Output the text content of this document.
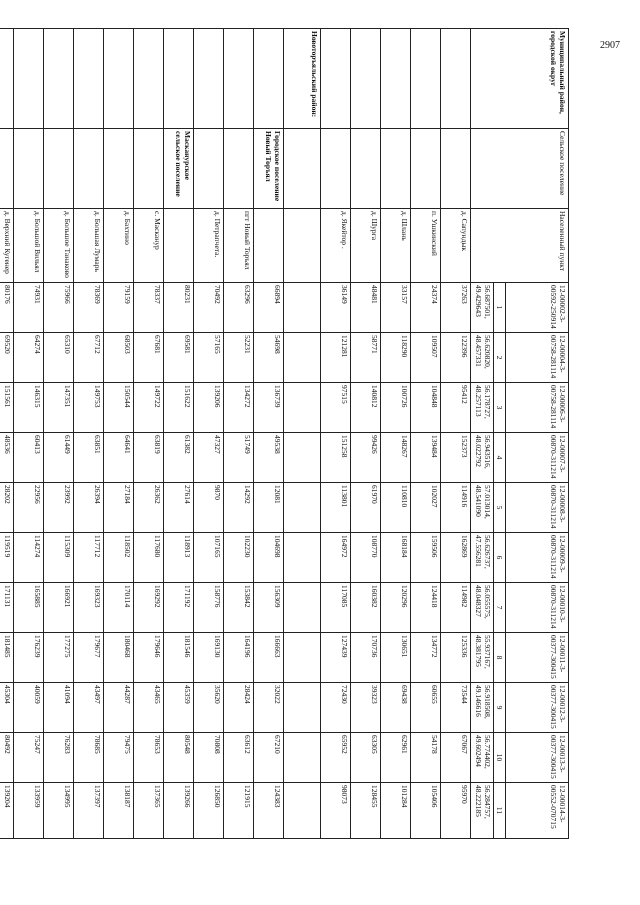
2907
Муниципальный район, городской округ	Сельское поселение	Населенный пункт	12-00002-3-00592-250914	12-00004-3-00758-281114	12-00006-3-00758-281114	12-00007-3-00870-311214	12-00008-3-00870-311214	12-00009-3-00870-311214	12-00010-3-00870-311214	12-00011-3-00377-300415	12-00012-3-00377-300415	12-00013-3-00377-300415	12-00014-3-00552-070715
			1	2	3	4	5	6	7	8	9	10	11
			56.687501, 49.429643	56.620820, 48.457331	56.178727, 48.257113	56.943516, 48.022792	57.013014, 48.541090	56.626737, 47.556281	56.055575, 48.048327	55.937167, 48.381795	56.918508, 49.146616	56.774402, 49.602494	56.284757, 48.222185
		д. Сапундык	37263	122396	95412	152373	114916	162869	114982	125336	73544	67067	95970
		п. Ушкинский	24374	109507	104848	139484	102027	159506	124418	134772	60655	54178	105406
		д. Шлань	33157	118290	100726	148267	110810	168184	120296	130651	69438	62961	101284
		д. Шурга	48481	58771	140812	99426	61970	108770	160382	170736	39323	63305	128455
		д. Якейтор .	36149	121281	97515	151258	113801	164972	117085	127439	72430	65952	98073
Новоторъяльский район:													
	Городское поселение Новый Торъял		66894	54698	136739	49538	12081	104698	156309	166663	32022	67210	124383
		пгт Новый Торъял	63296	52231	134272	51749	14292	102230	153842	164196	28424	63612	121915
		д. Петрапчета.	70492	57165	139206	47327	9870	107165	158776	169130	35620	70808	126850
	Масканурское сельское поселение		80231	69581	151622	61382	27614	118913	171192	181546	45359	80548	139266
		с. Масканур	78337	67681	149722	63819	26362	117680	169292	179646	43465	78653	137365
		д. Бахтино	79159	68503	150544	64641	27184	118502	170114	180468	44287	79475	138187
		д. Большая Лумарь	78369	67712	149753	63851	26394	117712	169323	179677	43497	78685	137397
		д. Большое Танаково	75966	65310	147351	61449	23992	115309	166921	177275	41094	76283	134995
		д. Большой Вильял	74931	64274	146315	60413	22956	114274	165885	176239	40059	75247	133959
		д. Верхний Кугенер	80176	69520	151561	48536	28202	119519	171131	181485	45304	80492	139204
